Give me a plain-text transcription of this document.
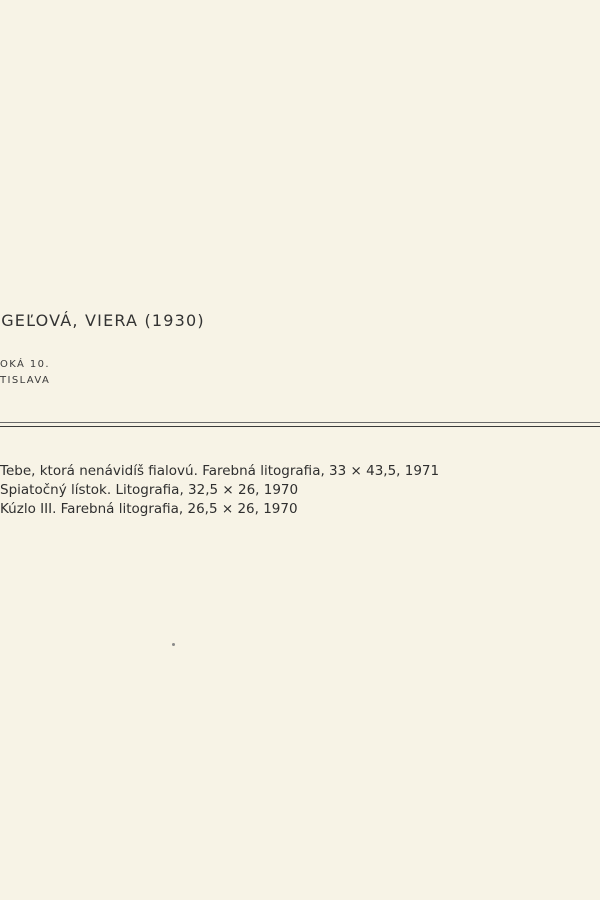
̧GEĽOVÁ, VIERA (1930)
OKÁ 10.
TISLAVA
Tebe, ktorá nenávidíš fialovú. Farebná litografia, 33 × 43,5, 1971
Spiatočný lístok. Litografia, 32,5 × 26, 1970
Kúzlo III. Farebná litografia, 26,5 × 26, 1970
